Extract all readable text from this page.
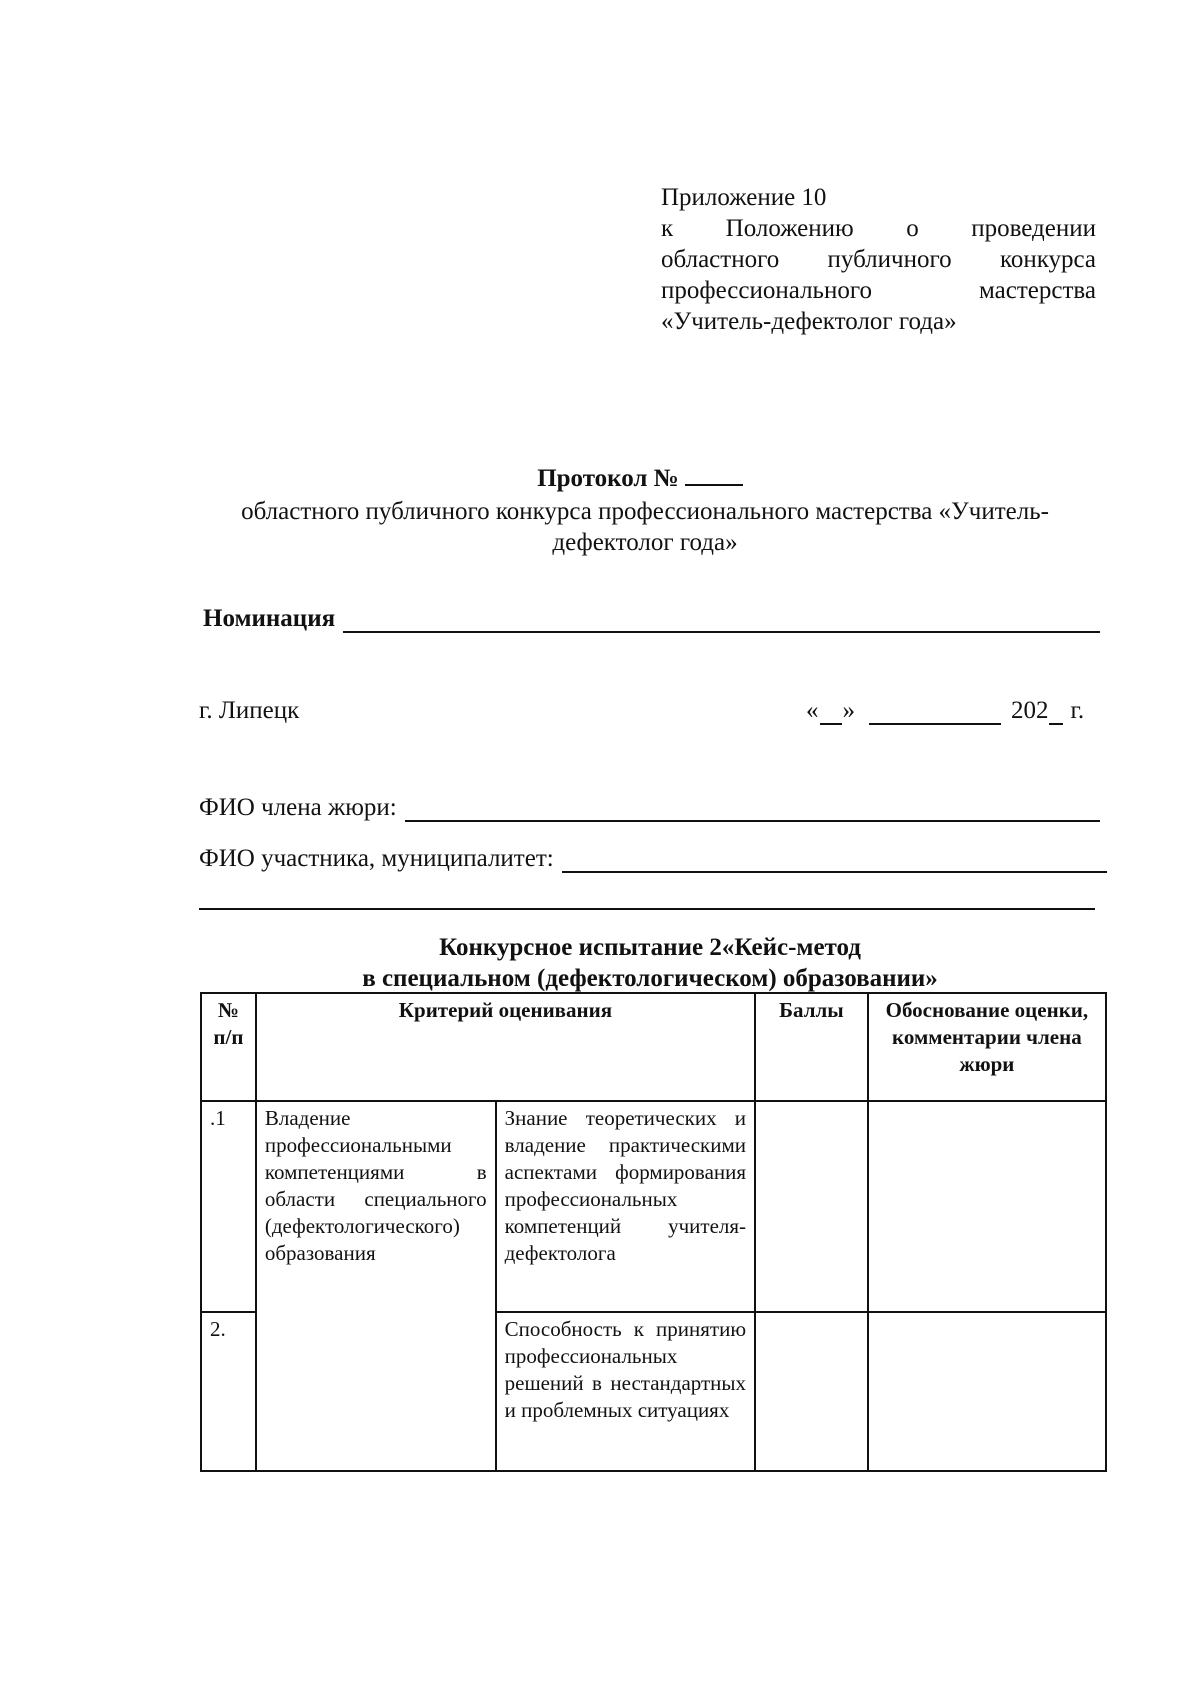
Приложение 10
к Положению о проведении
областного публичного конкурса
профессионального	мастерства
«Учитель-дефектолог года»
Протокол №
областного публичного конкурса профессионального мастерства «Учитель-
дефектолог года»
Номинация
г. Липецк	« »	202 г.
ФИО члена жюри:
ФИО участника, муниципалитет:
Конкурсное испытание 2«Кейс-метод
в специальном (дефектологическом) образовании»
№ п/п	Критерий оценивания		Баллы	Обоснование оценки, комментарии члена жюри
.1	Владение профессиональными компетенциями в области специального (дефектологического) образования	Знание теоретических и владение практическими аспектами формирования профессиональных компетенций учителя-дефектолога		
2.		Способность к принятию профессиональных решений в нестандартных и проблемных ситуациях		
